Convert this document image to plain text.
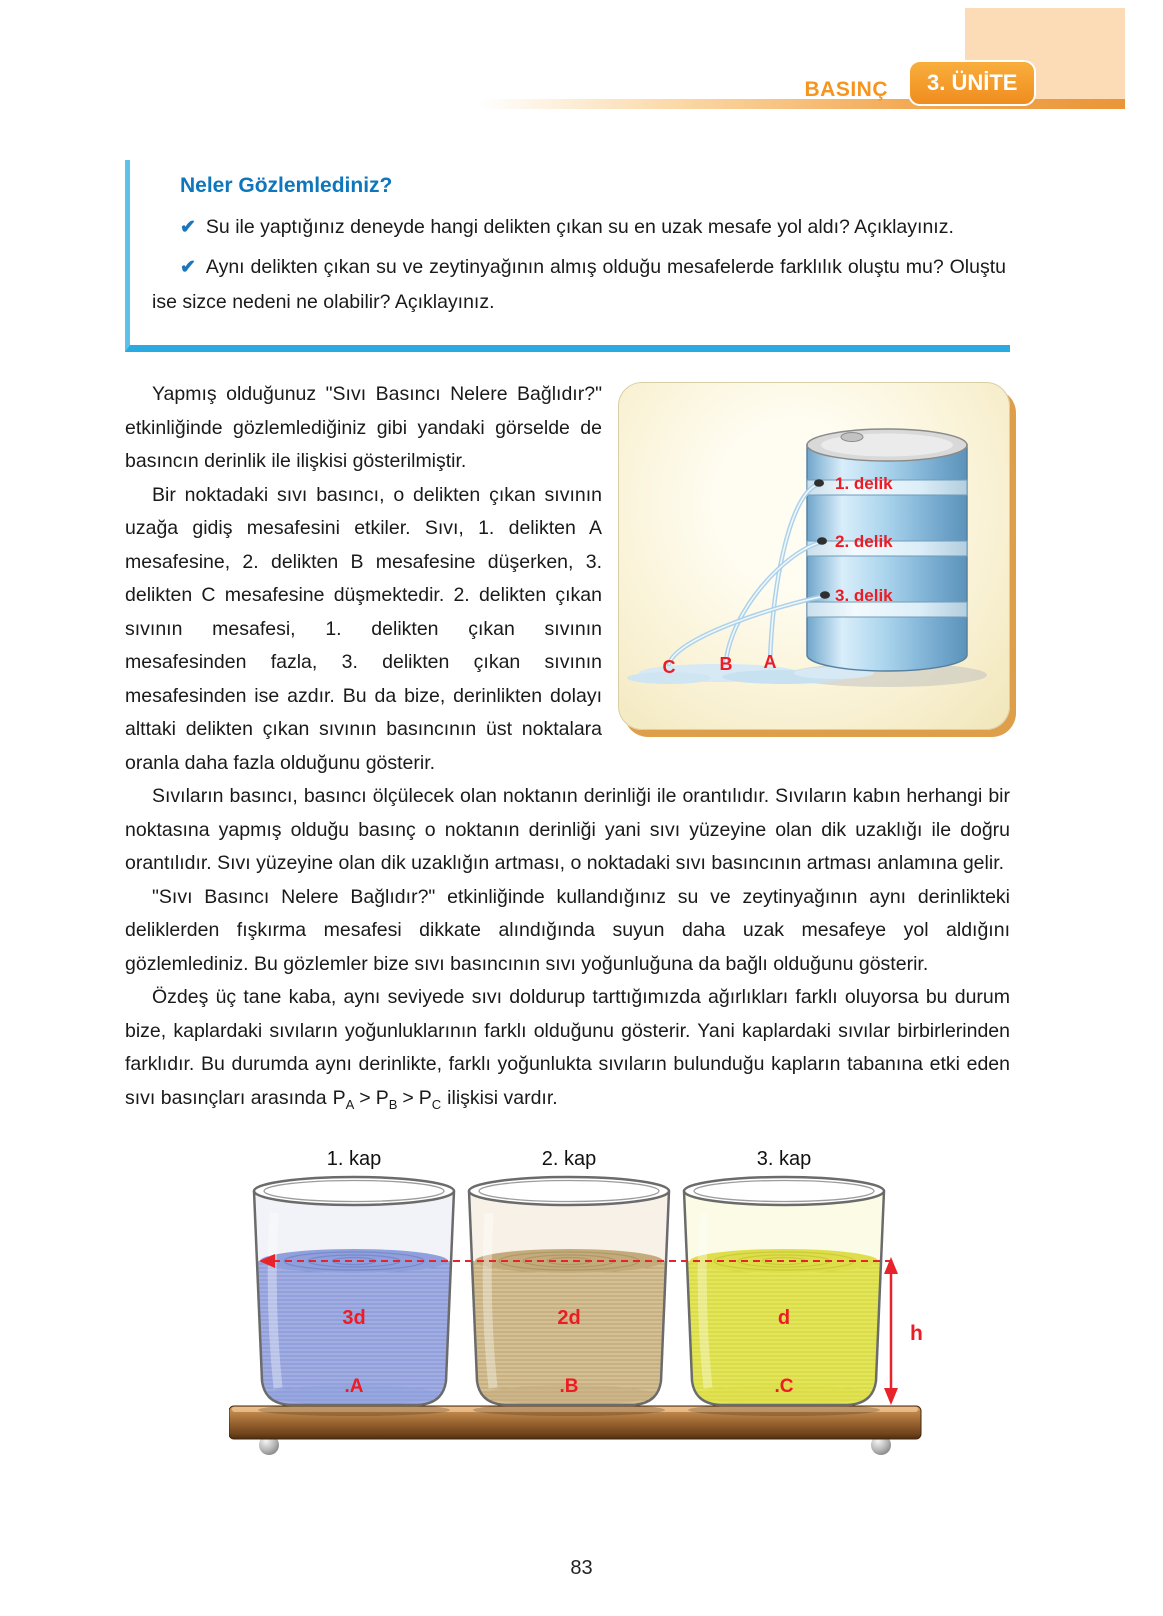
BASINÇ	3. ÜNİTE
Neler Gözlemlediniz?

✔ Su ile yaptığınız deneyde hangi delikten çıkan su en uzak mesafe yol aldı? Açıklayınız.

✔ Aynı delikten çıkan su ve zeytinyağının almış olduğu mesafelerde farklılık oluştu mu? Oluştu ise sizce nedeni ne olabilir? Açıklayınız.

1. delik
2. delik
3. delik
C B A

Yapmış olduğunuz "Sıvı Basıncı Nelere Bağlıdır?" etkinliğinde gözlemlediğiniz gibi yandaki görselde de basıncın derinlik ile ilişkisi gösterilmiştir.

Bir noktadaki sıvı basıncı, o delikten çıkan sıvının uzağa gidiş mesafesini etkiler. Sıvı, 1. delikten A mesafesine, 2. delikten B mesafesine düşerken, 3. delikten C mesafesine düşmektedir. 2. delikten çıkan sıvının mesafesi, 1. delikten çıkan sıvının mesafesinden fazla, 3. delikten çıkan sıvının mesafesinden ise azdır. Bu da bize, derinlikten dolayı alttaki delikten çıkan sıvının basıncının üst noktalara oranla daha fazla olduğunu gösterir.

Sıvıların basıncı, basıncı ölçülecek olan noktanın derinliği ile orantılıdır. Sıvıların kabın herhangi bir noktasına yapmış olduğu basınç o noktanın derinliği yani sıvı yüzeyine olan dik uzaklığı ile doğru orantılıdır. Sıvı yüzeyine olan dik uzaklığın artması, o noktadaki sıvı basıncının artması anlamına gelir.

"Sıvı Basıncı Nelere Bağlıdır?" etkinliğinde kullandığınız su ve zeytinyağının aynı derinlikteki deliklerden fışkırma mesafesi dikkate alındığında suyun daha uzak mesafeye yol aldığını gözlemlediniz. Bu gözlemler bize sıvı basıncının sıvı yoğunluğuna da bağlı olduğunu gösterir.

Özdeş üç tane kaba, aynı seviyede sıvı doldurup tarttığımızda ağırlıkları farklı oluyorsa bu durum bize, kaplardaki sıvıların yoğunluklarının farklı olduğunu gösterir. Yani kaplardaki sıvılar birbirlerinden farklıdır. Bu durumda aynı derinlikte, farklı yoğunlukta sıvıların bulunduğu kapların tabanına etki eden sıvı basınçları arasında $P_A > P_B > P_C$ ilişkisi vardır.

h
1. kap	2. kap	3. kap
3d	2d	d
.A	.B	.C
83
